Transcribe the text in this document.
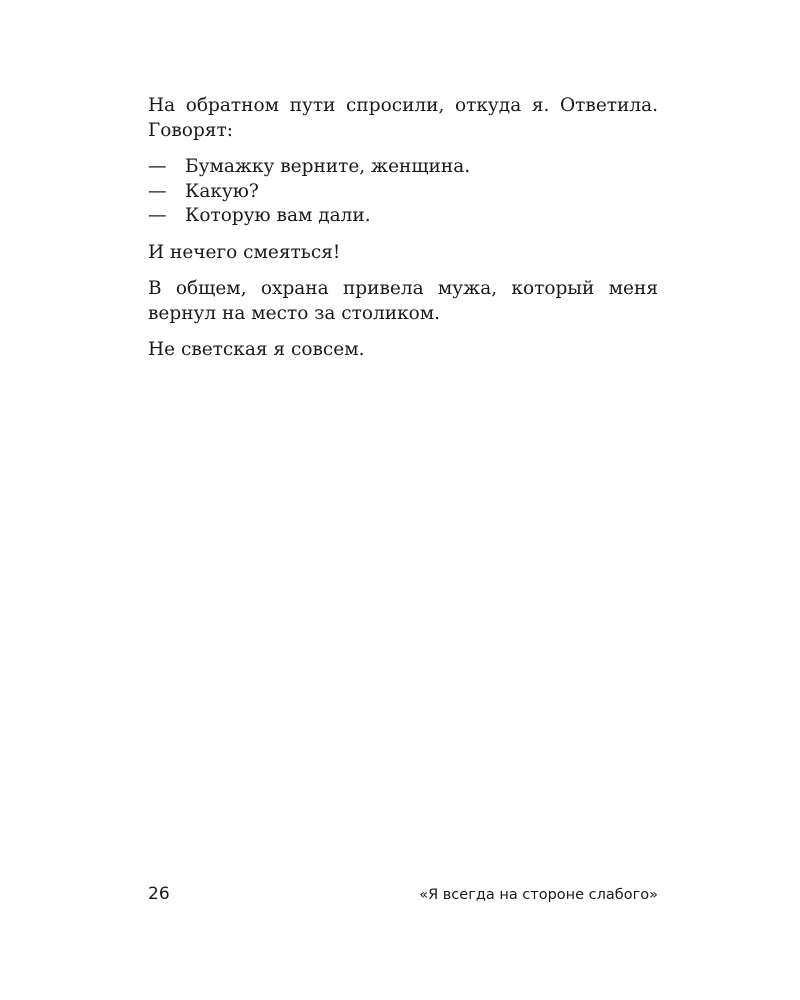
На обратном пути спросили, откуда я. Ответила. Говорят:

—	Бумажку верните, женщина.
—	Какую?
—	Которую вам дали.

И нечего смеяться!

В общем, охрана привела мужа, который меня вернул на место за столиком.

Не светская я совсем.

26	«Я всегда на стороне слабого»
